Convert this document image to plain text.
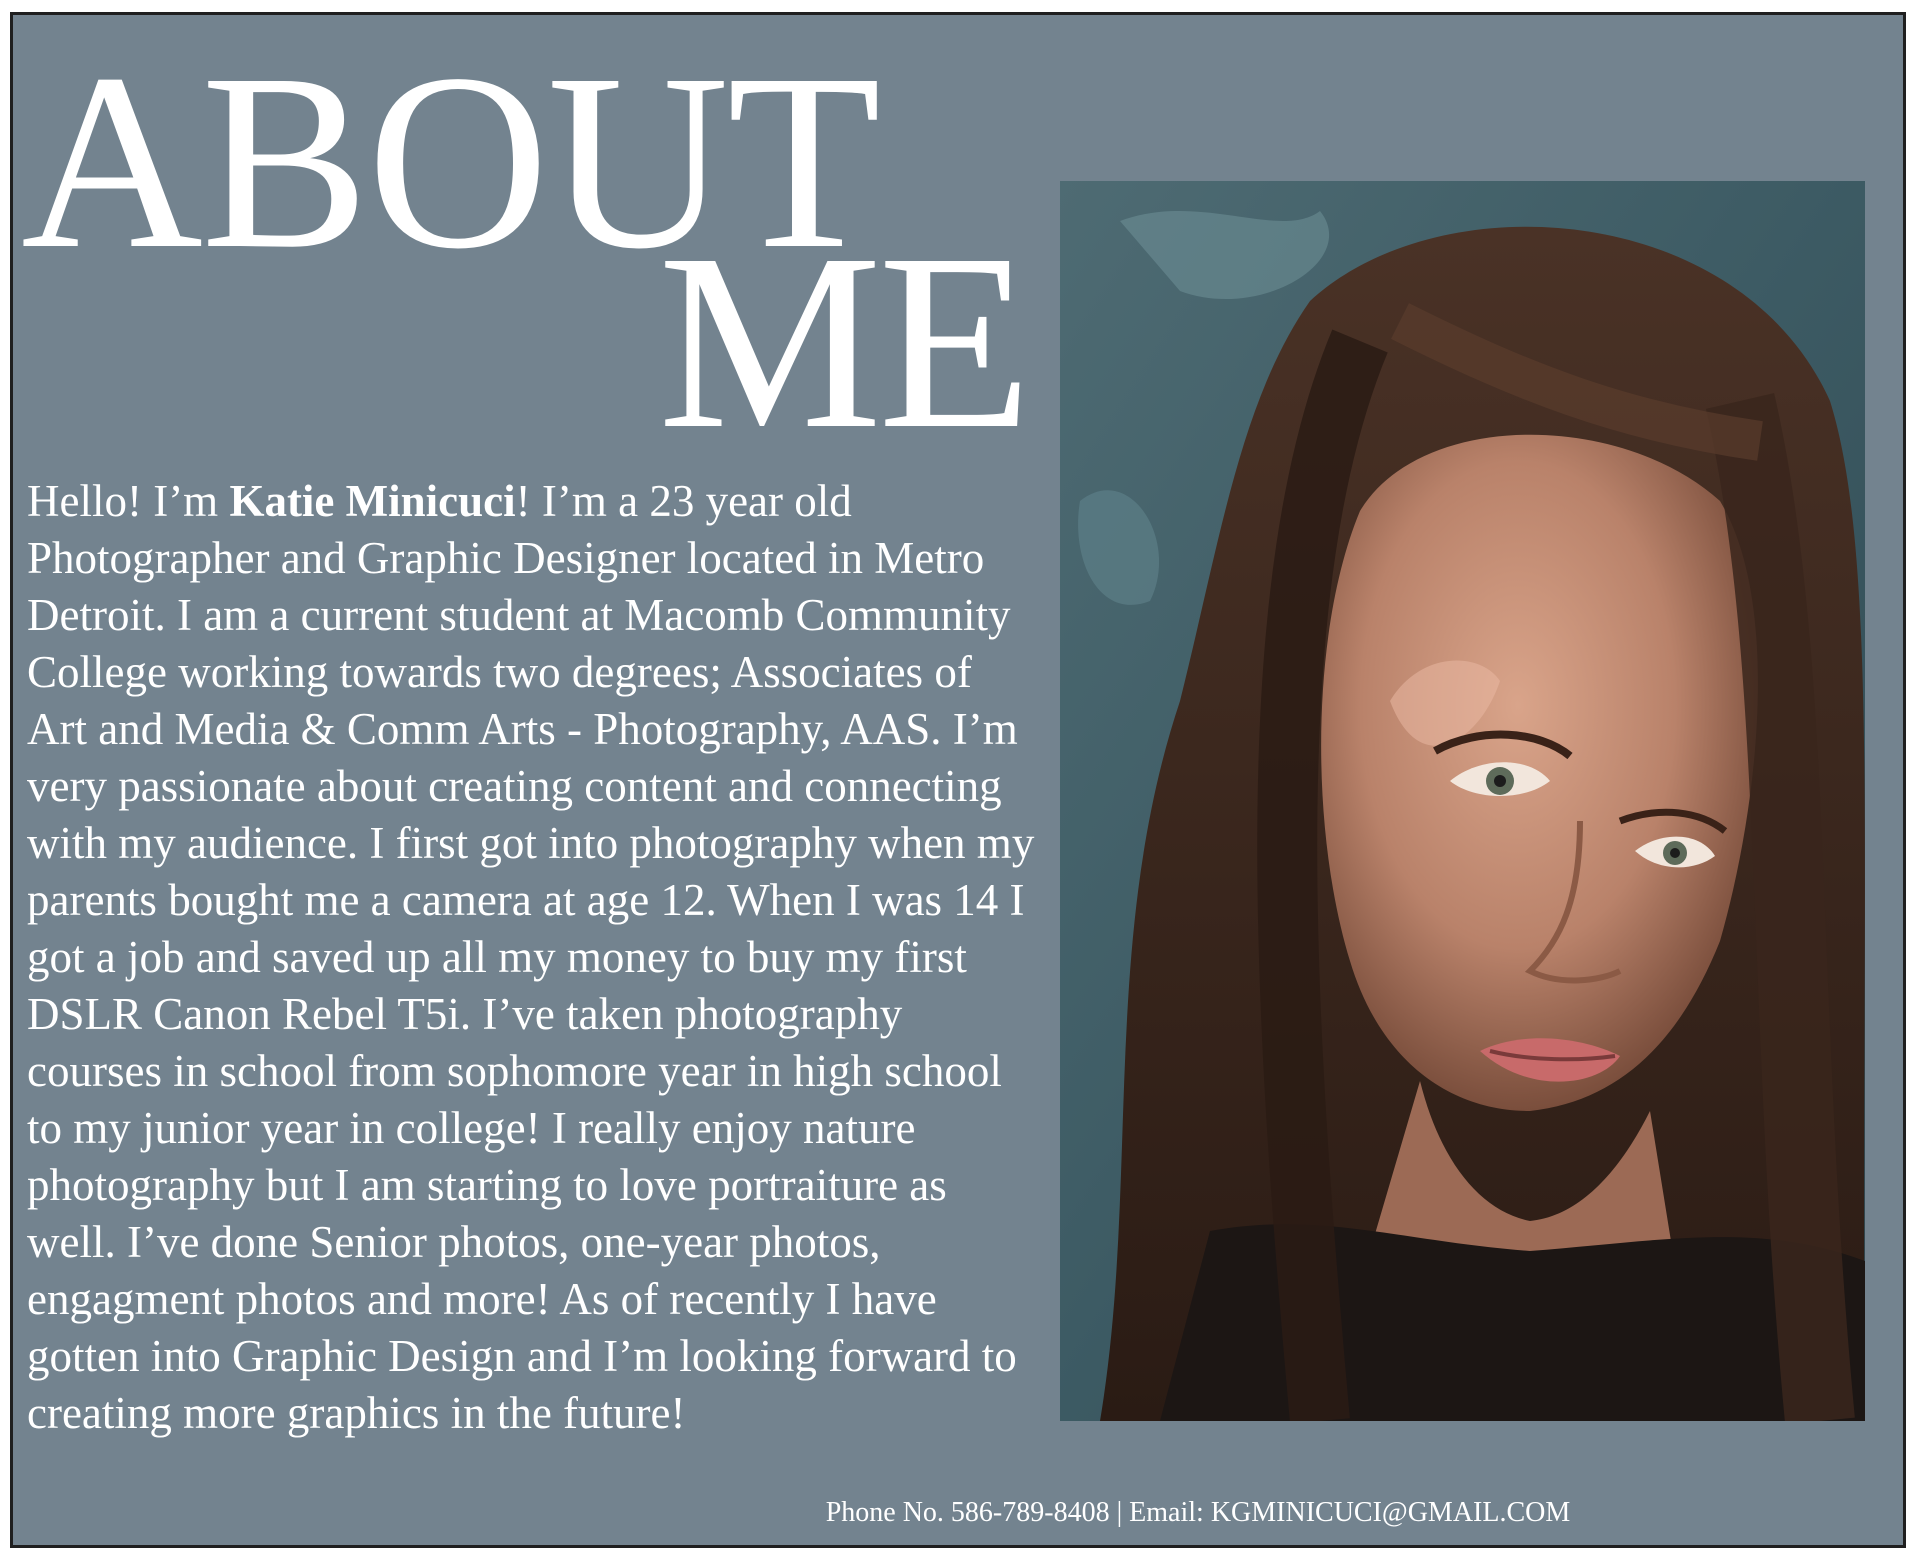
ABOUT
ME

Hello! I’m Katie Minicuci! I’m a 23 year old Photographer and Graphic Designer located in Metro Detroit. I am a current student at Macomb Community College working towards two degrees; Associates of Art and Media & Comm Arts - Photography, AAS. I’m very passionate about creating content and connecting with my audience. I first got into photography when my parents bought me a camera at age 12. When I was 14 I got a job and saved up all my money to buy my first DSLR Canon Rebel T5i. I’ve taken photography courses in school from sophomore year in high school to my junior year in college! I really enjoy nature photography but I am starting to love portraiture as well. I’ve done Senior photos, one-year photos, engagment photos and more! As of recently I have gotten into Graphic Design and I’m looking forward to creating more graphics in the future!

Phone No. 586-789-8408 | Email: KGMINICUCI@GMAIL.COM
